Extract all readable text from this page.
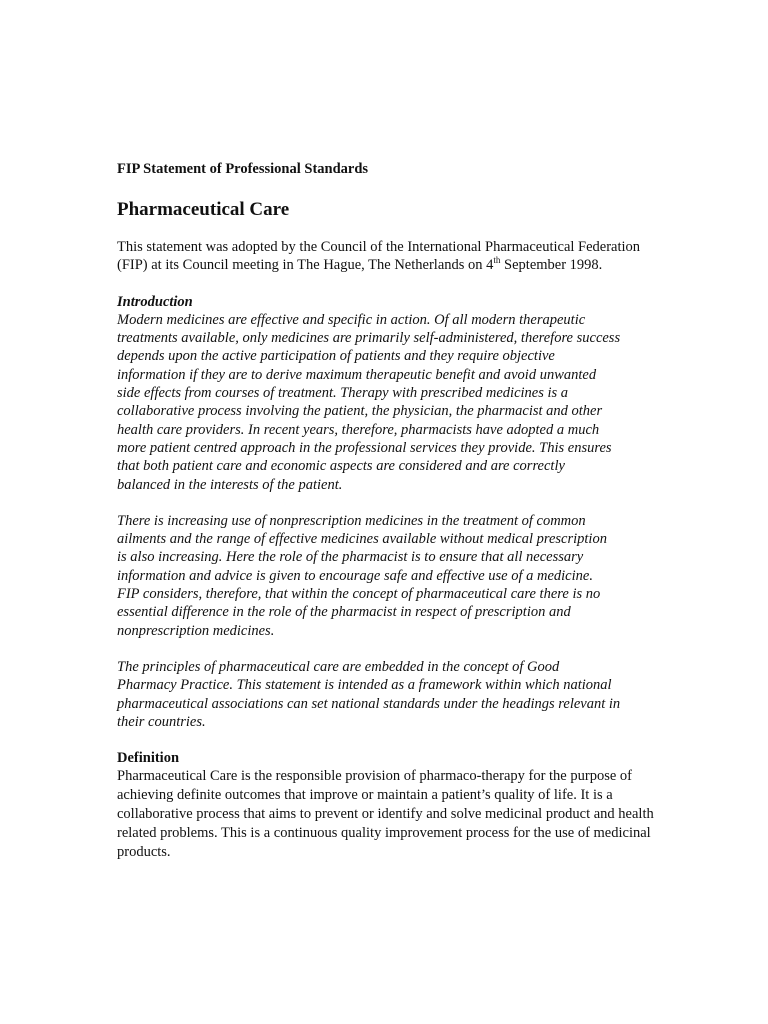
FIP Statement of Professional Standards

Pharmaceutical Care

This statement was adopted by the Council of the International Pharmaceutical Federation
(FIP) at its Council meeting in The Hague, The Netherlands on 4th September 1998.

Introduction

Modern medicines are effective and specific in action. Of all modern therapeutic
treatments available, only medicines are primarily self-administered, therefore success
depends upon the active participation of patients and they require objective
information if they are to derive maximum therapeutic benefit and avoid unwanted
side effects from courses of treatment. Therapy with prescribed medicines is a
collaborative process involving the patient, the physician, the pharmacist and other
health care providers. In recent years, therefore, pharmacists have adopted a much
more patient centred approach in the professional services they provide. This ensures
that both patient care and economic aspects are considered and are correctly
balanced in the interests of the patient.

There is increasing use of nonprescription medicines in the treatment of common
ailments and the range of effective medicines available without medical prescription
is also increasing. Here the role of the pharmacist is to ensure that all necessary
information and advice is given to encourage safe and effective use of a medicine.
FIP considers, therefore, that within the concept of pharmaceutical care there is no
essential difference in the role of the pharmacist in respect of prescription and
nonprescription medicines.

The principles of pharmaceutical care are embedded in the concept of Good
Pharmacy Practice. This statement is intended as a framework within which national
pharmaceutical associations can set national standards under the headings relevant in
their countries.

Definition

Pharmaceutical Care is the responsible provision of pharmaco-therapy for the purpose of
achieving definite outcomes that improve or maintain a patient’s quality of life. It is a
collaborative process that aims to prevent or identify and solve medicinal product and health
related problems. This is a continuous quality improvement process for the use of medicinal
products.
